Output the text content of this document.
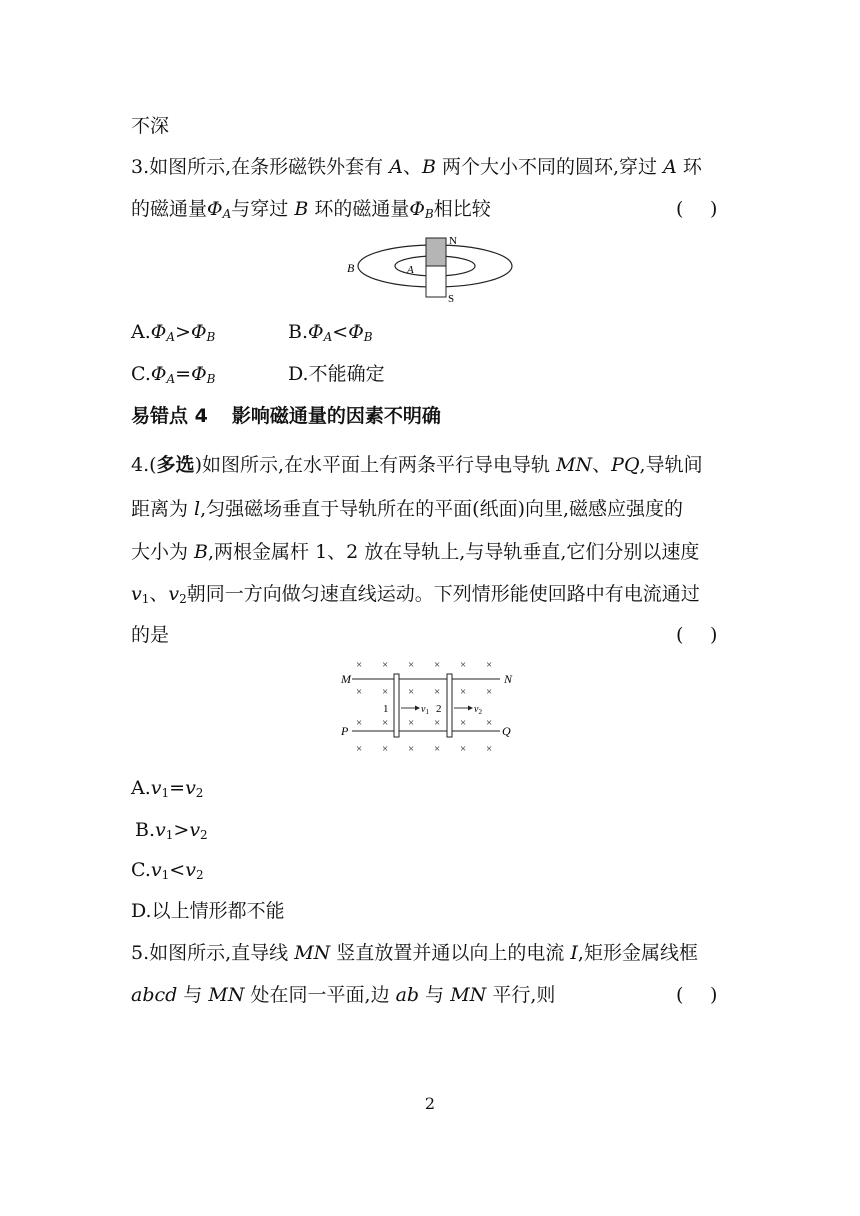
不深
3.如图所示,在条形磁铁外套有 A、B 两个大小不同的圆环,穿过 A 环
的磁通量$\Phi_A$与穿过 B 环的磁通量$\Phi_B$相比较	( )
N
S
A
B
$A.\Phi_A>\Phi_B$	$B.\Phi_A<\Phi_B$
$C.\Phi_A=\Phi_B$	D.不能确定
易错点 4 影响磁通量的因素不明确
4.(多选)如图所示,在水平面上有两条平行导电导轨 MN、PQ,导轨间
距离为 l,匀强磁场垂直于导轨所在的平面(纸面)向里,磁感应强度的
大小为 B,两根金属杆 1、2 放在导轨上,与导轨垂直,它们分别以速度
$v_1$、$v_2$朝同一方向做匀速直线运动。下列情形能使回路中有电流通过
的是	( )
× × × × × ×
× × × × × ×
× × × × × ×
× × × × × ×
1	2
$v_1$	$v_2$
M	N
P	Q
$A.v_1=v_2$
$B.v_1>v_2$
$C.v_1<v_2$
D.以上情形都不能
5.如图所示,直导线 MN 竖直放置并通以向上的电流 I,矩形金属线框
abcd 与 MN 处在同一平面,边 ab 与 MN 平行,则	( )
2
